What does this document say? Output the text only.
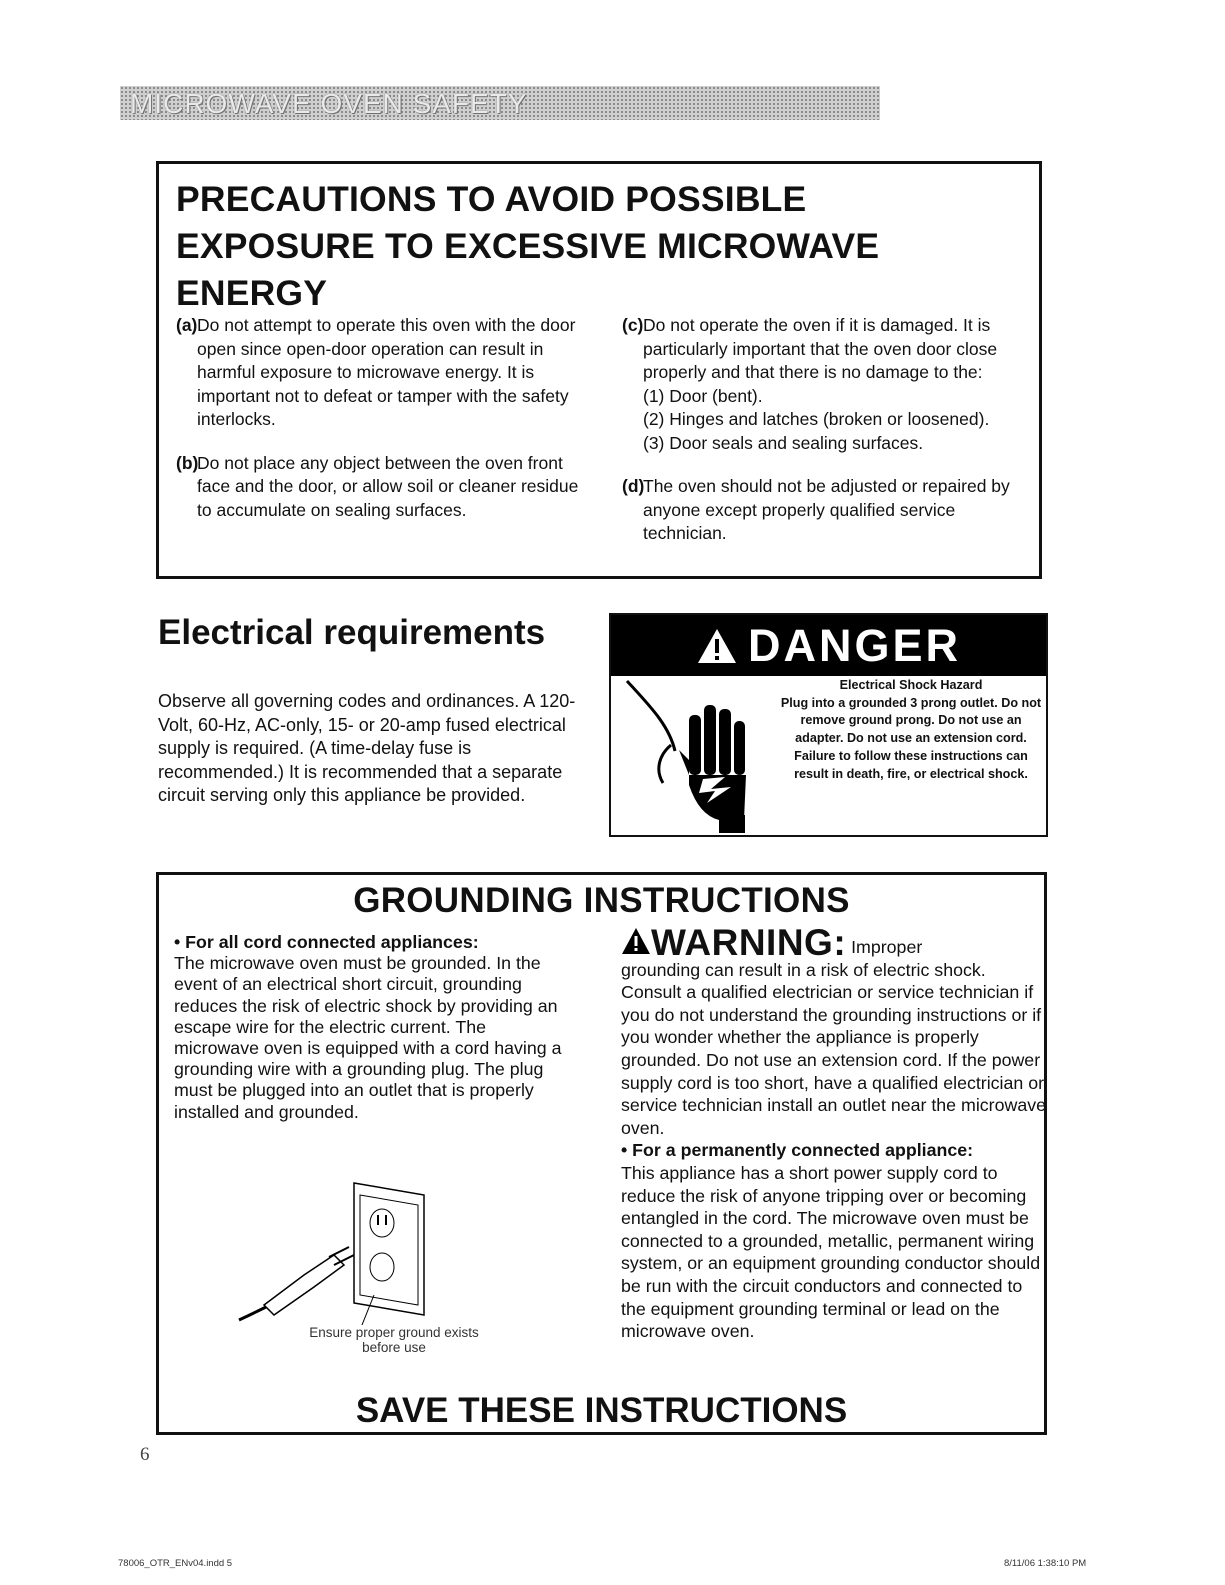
MICROWAVE OVEN SAFETY
PRECAUTIONS TO AVOID POSSIBLE EXPOSURE TO EXCESSIVE MICROWAVE ENERGY
(a) Do not attempt to operate this oven with the door open since open-door operation can result in harmful exposure to microwave energy. It is important not to defeat or tamper with the safety interlocks.
(b)
Do not place any object between the oven front face and the door, or allow soil or cleaner residue to accumulate on sealing surfaces.
(c) Do not operate the oven if it is damaged. It is particularly important that the oven door close properly and that there is no damage to the:
(1) Door (bent).
(2) Hinges and latches (broken or loosened).
(3) Door seals and sealing surfaces.
(d)
The oven should not be adjusted or repaired by anyone except properly qualified service technician.
Electrical requirements

Observe all governing codes and ordinances. A 120-Volt, 60-Hz, AC-only, 15- or 20-amp fused electrical supply is required. (A time-delay fuse is recommended.) It is recommended that a separate circuit serving only this appliance be provided.

DANGER
Electrical Shock Hazard
Plug into a grounded 3 prong outlet. Do not remove ground prong. Do not use an adapter. Do not use an extension cord.
Failure to follow these instructions can result in death, fire, or electrical shock.
GROUNDING INSTRUCTIONS
• For all cord connected appliances:
The microwave oven must be grounded. In the event of an electrical short circuit, grounding reduces the risk of electric shock by providing an escape wire for the electric current. The microwave oven is equipped with a cord having a grounding wire with a grounding plug. The plug must be plugged into an outlet that is properly installed and grounded.
Ensure proper ground exists before use
WARNING: Improper
grounding can result in a risk of electric shock. Consult a qualified electrician or service technician if you do not understand the grounding instructions or if you wonder whether the appliance is properly grounded. Do not use an extension cord. If the power supply cord is too short, have a qualified electrician or service technician install an outlet near the microwave oven.
• For a permanently connected appliance:
This appliance has a short power supply cord to reduce the risk of anyone tripping over or becoming entangled in the cord. The microwave oven must be connected to a grounded, metallic, permanent wiring system, or an equipment grounding conductor should be run with the circuit conductors and connected to the equipment grounding terminal or lead on the microwave oven.
SAVE THESE INSTRUCTIONS
6
78006_OTR_ENv04.indd 5	8/11/06 1:38:10 PM
